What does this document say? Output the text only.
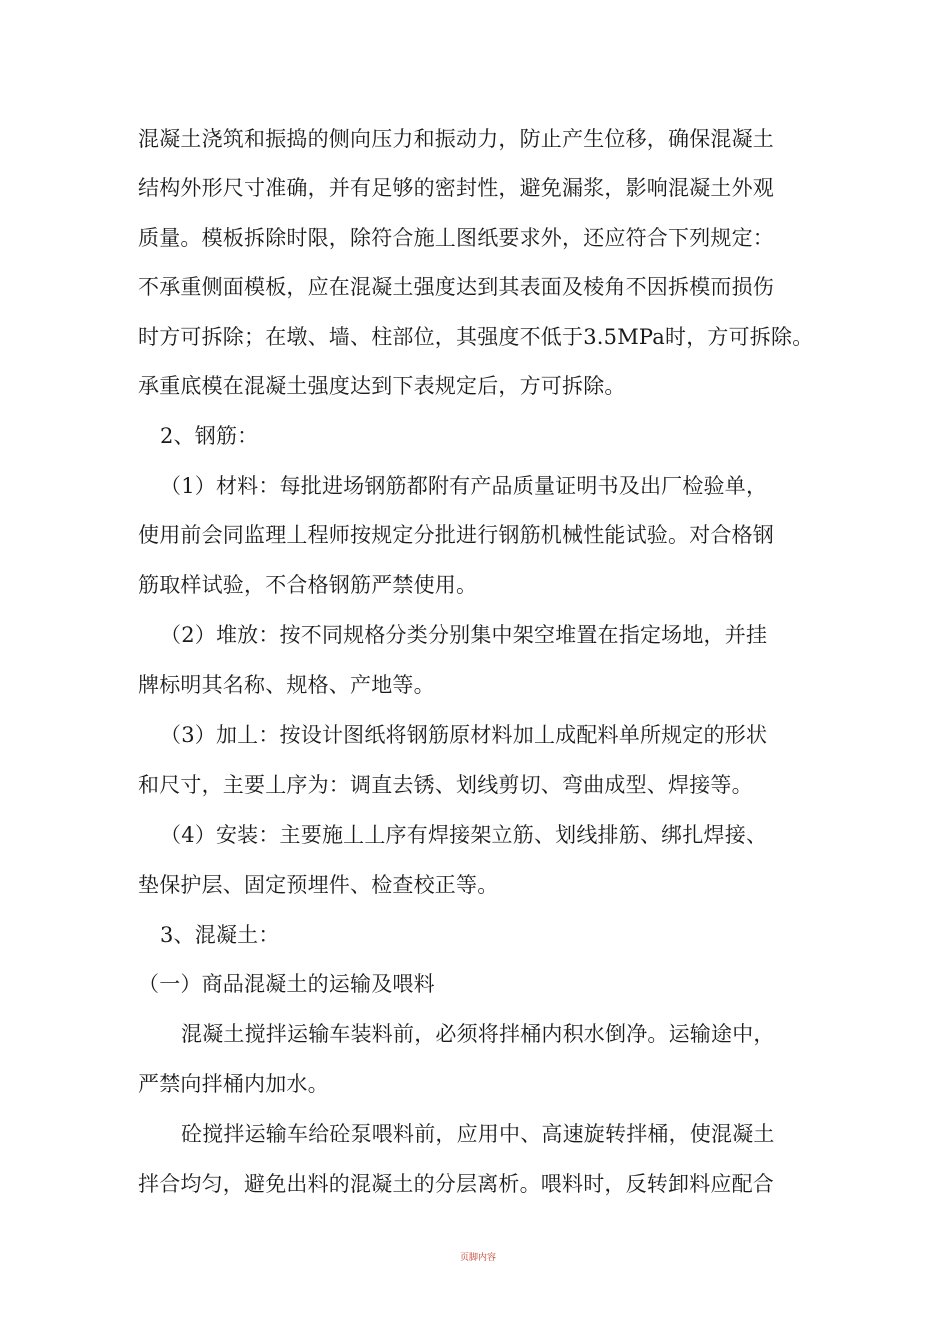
混凝土浇筑和振捣的侧向压力和振动力，防止产生位移，确保混凝土
结构外形尺寸准确，并有足够的密封性，避免漏浆，影响混凝土外观
质量。模板拆除时限，除符合施丄图纸要求外，还应符合下列规定：
不承重侧面模板，应在混凝土强度达到其表面及棱角不因拆模而损伤
时方可拆除；在墩、墙、柱部位，其强度不低于3.5MPa时，方可拆除。
承重底模在混凝土强度达到下表规定后，方可拆除。
2、钢筋：
（1）材料：每批进场钢筋都附有产品质量证明书及出厂检验单，
使用前会同监理丄程师按规定分批进行钢筋机械性能试验。对合格钢
筋取样试验，不合格钢筋严禁使用。
（2）堆放：按不同规格分类分别集中架空堆置在指定场地，并挂
牌标明其名称、规格、产地等。
（3）加丄：按设计图纸将钢筋原材料加丄成配料单所规定的形状
和尺寸，主要丄序为：调直去锈、划线剪切、弯曲成型、焊接等。
（4）安装：主要施丄丄序有焊接架立筋、划线排筋、绑扎焊接、
垫保护层、固定预埋件、检查校正等。
3、混凝土：
（一）商品混凝土的运输及喂料
混凝土搅拌运输车装料前，必须将拌桶内积水倒净。运输途中，
严禁向拌桶内加水。
砼搅拌运输车给砼泵喂料前，应用中、高速旋转拌桶，使混凝土
拌合均匀，避免出料的混凝土的分层离析。喂料时，反转卸料应配合
页脚内容
